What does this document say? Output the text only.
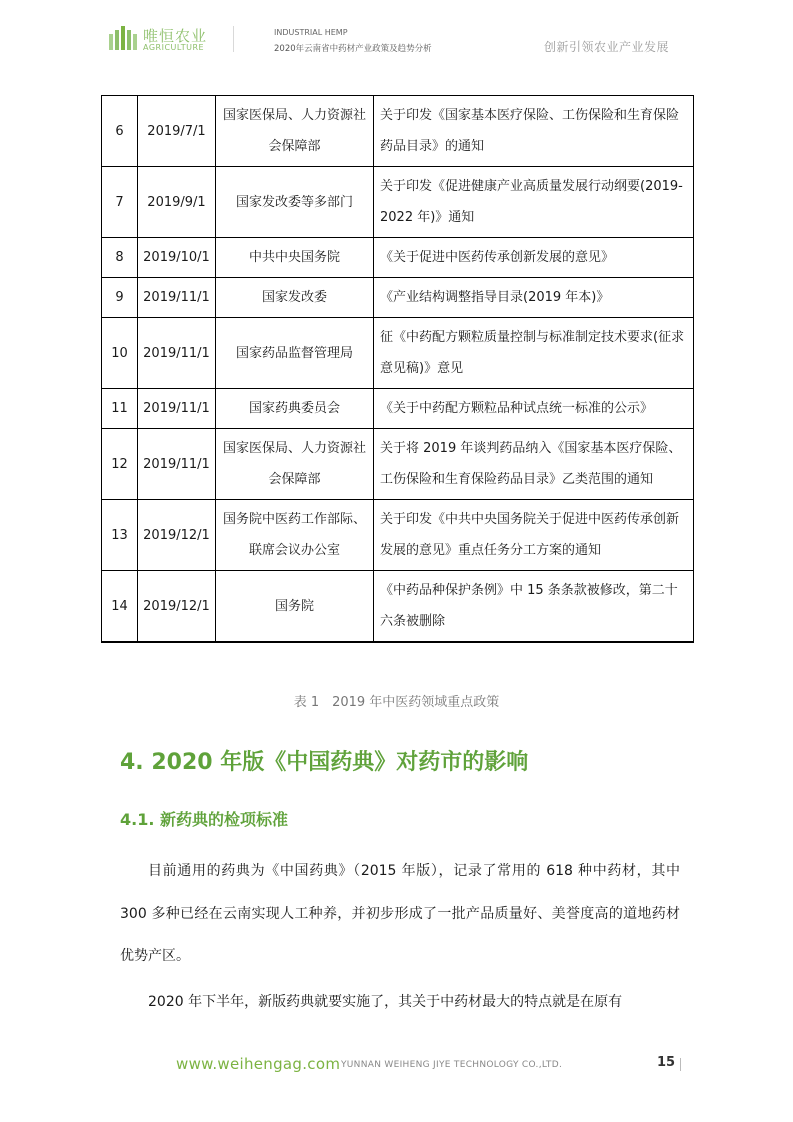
唯恒农业
AGRICULTURE
INDUSTRIAL HEMP
2020年云南省中药材产业政策及趋势分析	创新引领农业产业发展
6	2019/7/1	国家医保局、人力资源社会保障部	关于印发《国家基本医疗保险、工伤保险和生育保险药品目录》的通知
7	2019/9/1	国家发改委等多部门	关于印发《促进健康产业高质量发展行动纲要(2019-2022 年)》通知
8	2019/10/1	中共中央国务院	《关于促进中医药传承创新发展的意见》
9	2019/11/1	国家发改委	《产业结构调整指导目录(2019 年本)》
10	2019/11/1	国家药品监督管理局	征《中药配方颗粒质量控制与标准制定技术要求(征求意见稿)》意见
11	2019/11/1	国家药典委员会	《关于中药配方颗粒品种试点统一标准的公示》
12	2019/11/1	国家医保局、人力资源社会保障部	关于将 2019 年谈判药品纳入《国家基本医疗保险、工伤保险和生育保险药品目录》乙类范围的通知
13	2019/12/1	国务院中医药工作部际、联席会议办公室	关于印发《中共中央国务院关于促进中医药传承创新发展的意见》重点任务分工方案的通知
14	2019/12/1	国务院	《中药品种保护条例》中 15 条条款被修改，第二十六条被删除
表 1　2019 年中医药领域重点政策
4. 2020 年版《中国药典》对药市的影响
4.1. 新药典的检项标准
目前通用的药典为《中国药典》（2015 年版），记录了常用的 618 种中药材，其中 300 多种已经在云南实现人工种养，并初步形成了一批产品质量好、美誉度高的道地药材优势产区。
2020 年下半年，新版药典就要实施了，其关于中药材最大的特点就是在原有
www.weihengag.com YUNNAN WEIHENG JIYE TECHNOLOGY CO.,LTD.	15
